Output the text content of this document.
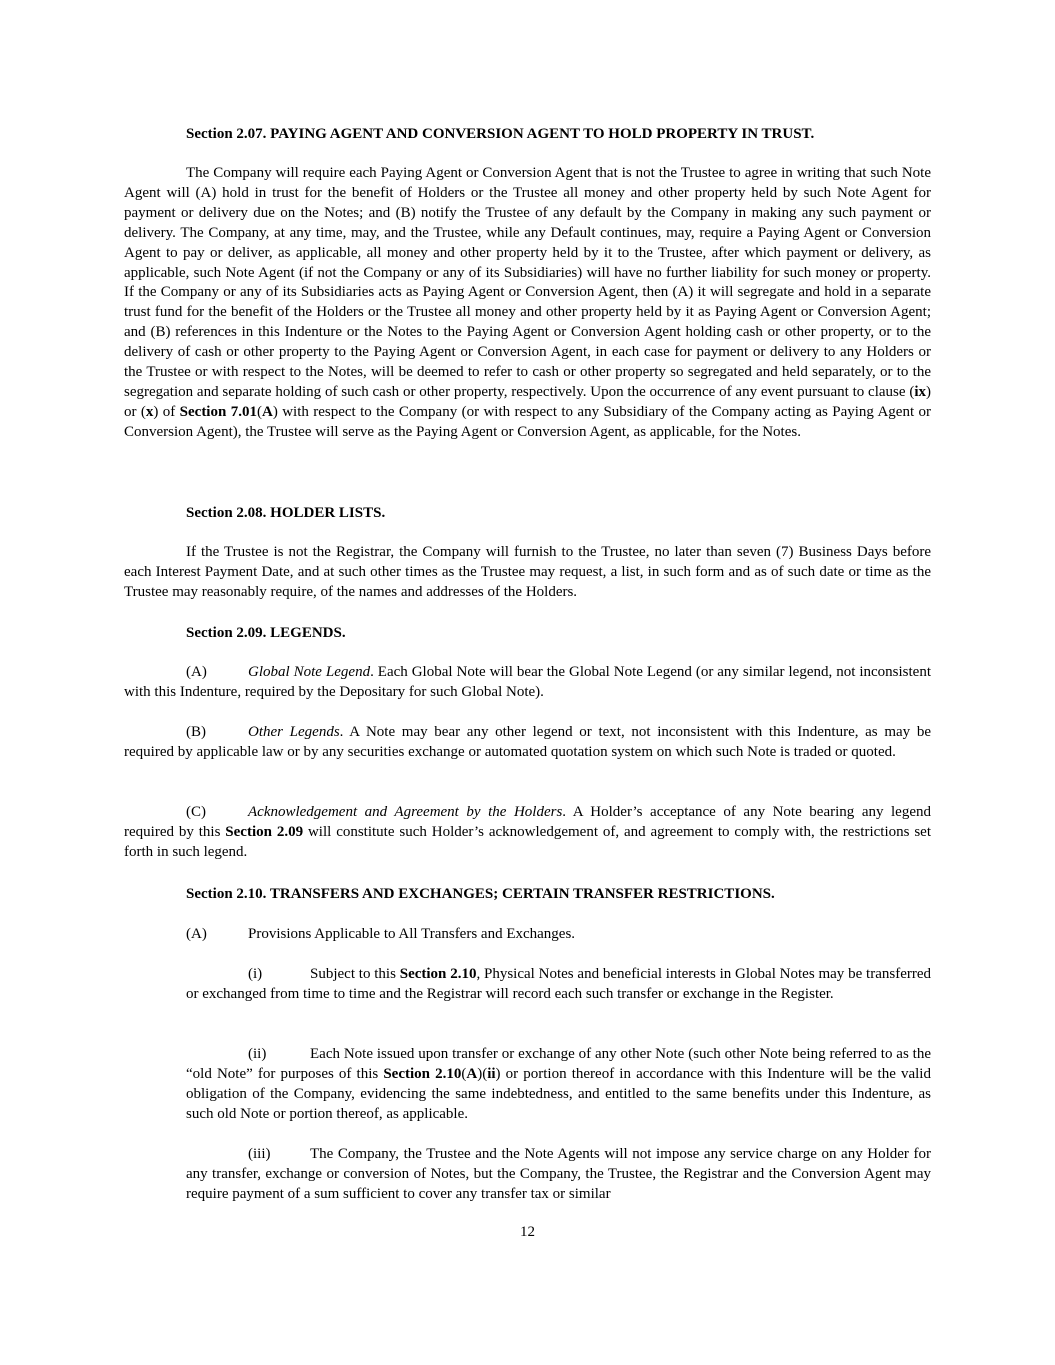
Section 2.07. PAYING AGENT AND CONVERSION AGENT TO HOLD PROPERTY IN TRUST.
The Company will require each Paying Agent or Conversion Agent that is not the Trustee to agree in writing that such Note Agent will (A) hold in trust for the benefit of Holders or the Trustee all money and other property held by such Note Agent for payment or delivery due on the Notes; and (B) notify the Trustee of any default by the Company in making any such payment or delivery. The Company, at any time, may, and the Trustee, while any Default continues, may, require a Paying Agent or Conversion Agent to pay or deliver, as applicable, all money and other property held by it to the Trustee, after which payment or delivery, as applicable, such Note Agent (if not the Company or any of its Subsidiaries) will have no further liability for such money or property. If the Company or any of its Subsidiaries acts as Paying Agent or Conversion Agent, then (A) it will segregate and hold in a separate trust fund for the benefit of the Holders or the Trustee all money and other property held by it as Paying Agent or Conversion Agent; and (B) references in this Indenture or the Notes to the Paying Agent or Conversion Agent holding cash or other property, or to the delivery of cash or other property to the Paying Agent or Conversion Agent, in each case for payment or delivery to any Holders or the Trustee or with respect to the Notes, will be deemed to refer to cash or other property so segregated and held separately, or to the segregation and separate holding of such cash or other property, respectively. Upon the occurrence of any event pursuant to clause (ix) or (x) of Section 7.01(A) with respect to the Company (or with respect to any Subsidiary of the Company acting as Paying Agent or Conversion Agent), the Trustee will serve as the Paying Agent or Conversion Agent, as applicable, for the Notes.
Section 2.08. HOLDER LISTS.
If the Trustee is not the Registrar, the Company will furnish to the Trustee, no later than seven (7) Business Days before each Interest Payment Date, and at such other times as the Trustee may request, a list, in such form and as of such date or time as the Trustee may reasonably require, of the names and addresses of the Holders.
Section 2.09. LEGENDS.
(A)	Global Note Legend. Each Global Note will bear the Global Note Legend (or any similar legend, not inconsistent with this Indenture, required by the Depositary for such Global Note).
(B)	Other Legends. A Note may bear any other legend or text, not inconsistent with this Indenture, as may be required by applicable law or by any securities exchange or automated quotation system on which such Note is traded or quoted.
(C)	Acknowledgement and Agreement by the Holders. A Holder’s acceptance of any Note bearing any legend required by this Section 2.09 will constitute such Holder’s acknowledgement of, and agreement to comply with, the restrictions set forth in such legend.
Section 2.10. TRANSFERS AND EXCHANGES; CERTAIN TRANSFER RESTRICTIONS.
(A)	Provisions Applicable to All Transfers and Exchanges.
(i)	Subject to this Section 2.10, Physical Notes and beneficial interests in Global Notes may be transferred or exchanged from time to time and the Registrar will record each such transfer or exchange in the Register.
(ii)	Each Note issued upon transfer or exchange of any other Note (such other Note being referred to as the “old Note” for purposes of this Section 2.10(A)(ii) or portion thereof in accordance with this Indenture will be the valid obligation of the Company, evidencing the same indebtedness, and entitled to the same benefits under this Indenture, as such old Note or portion thereof, as applicable.
(iii)	The Company, the Trustee and the Note Agents will not impose any service charge on any Holder for any transfer, exchange or conversion of Notes, but the Company, the Trustee, the Registrar and the Conversion Agent may require payment of a sum sufficient to cover any transfer tax or similar
12
